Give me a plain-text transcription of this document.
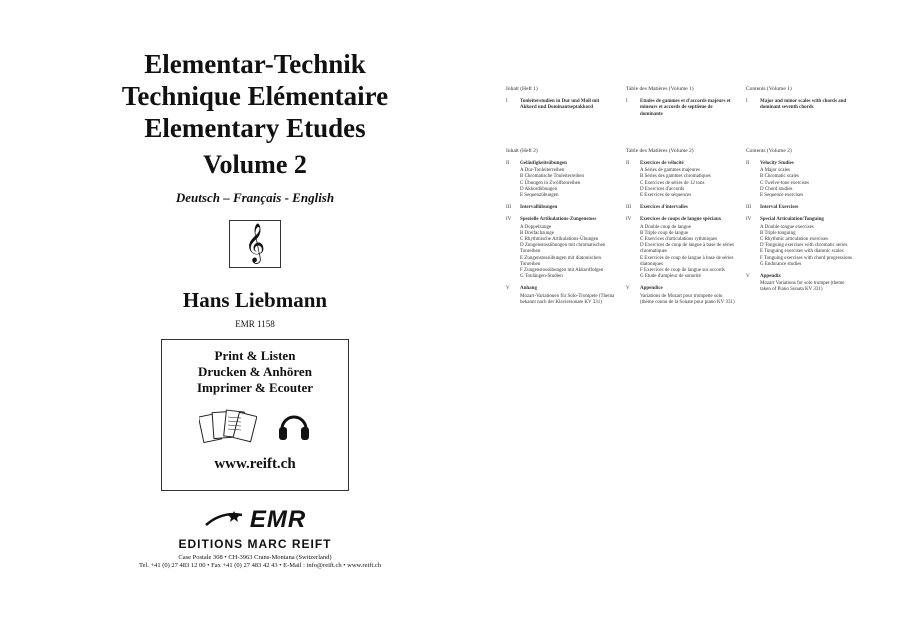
Elementar-Technik

Technique Elémentaire

Elementary Etudes

Volume 2
Deutsch – Français - English
𝄞
Hans Liebmann
EMR 1158
Print & Listen
Drucken & Anhören
Imprimer & Ecouter
www.reift.ch
EMR
EDITIONS MARC REIFT
Case Postale 308 • CH-3963 Crans-Montana (Switzerland)
Tel. +41 (0) 27 483 12 00 • Fax +41 (0) 27 483 42 43 • E-Mail : info@reift.ch • www.reift.ch
Inhalt (Heft 1)
I	Tonleiterstudien in Dur und Moll mit Akkord und Dominantseptakkord
Table des Matières (Volume 1)
I	Etudes de gammes et d'accords majeurs et mineurs et accords de septième de dominante
Contents (Volume 1)
I	Major and minor scales with chords and dominant seventh chords
Inhalt (Heft 2)
II	Geläufigkeitsübungen
A Dur-Tonleiterreihen
B Chromatische Tonleiterreihen
C Übungen in Zwölftonreihen
D Akkordübungen
E Sequenzübungen
III	Intervallübungen
IV	Spezielle Artikulations-Zungenstoss
A Doppelzunge
B Dreifachzunge
C Rhythmische Artikulations-Übungen
D Zungenstossübungen mit chromatischen Tonreihen
E Zungenstossübungen mit diatonischen Tonreihen
F Zungenstossübungen mit Akkordfolgen
G Tonlängen-Studien
V	Anhang
Mozart-Variationen für Solo-Trompete (Thema bekannt nach der Klaviersonate KV 331)
Table des Matières (Volume 2)
II	Exercices de vélocité
A Séries de gammes majeures
B Séries des gammes chromatiques
C Exercices de séries de 12 tons
D Exercices d'accords
E Exercices de séquences
III	Exercices d'intervalles
IV	Exercices de coups de langue spéciaux
A Double coup de langue
B Triple coup de langue
C Exercices d'articulations rythmiques
D Exercices de coup de langue à base de séries chromatiques
E Exercices de coup de langue à base de séries diatoniques
F Exercices de coup de langue sur accords
G Etude d'ampleur de sonorité
V	Appendice
Variations de Mozart pour trompette solo (thème connu de la Sonate pour piano KV 331)
Contents (Volume 2)
II	Velocity Studies
A Major scales
B Chromatic scales
C Twelve-tone exercises
D Chord studies
E Sequence exercises
III	Interval Exercises
IV	Special Articulation/Tonguing
A Double tongue exercises
B Triple tonguing
C Rhythmic articulation exercises
D Tonguing exercises with chromatic series
E Tonguing exercises with diatonic scales
F Tonguing exercises with chord progressions
G Endurance studies
V	Appendix
Mozart Variations for solo trumpet (theme taken of Piano Sonata KV 331)
